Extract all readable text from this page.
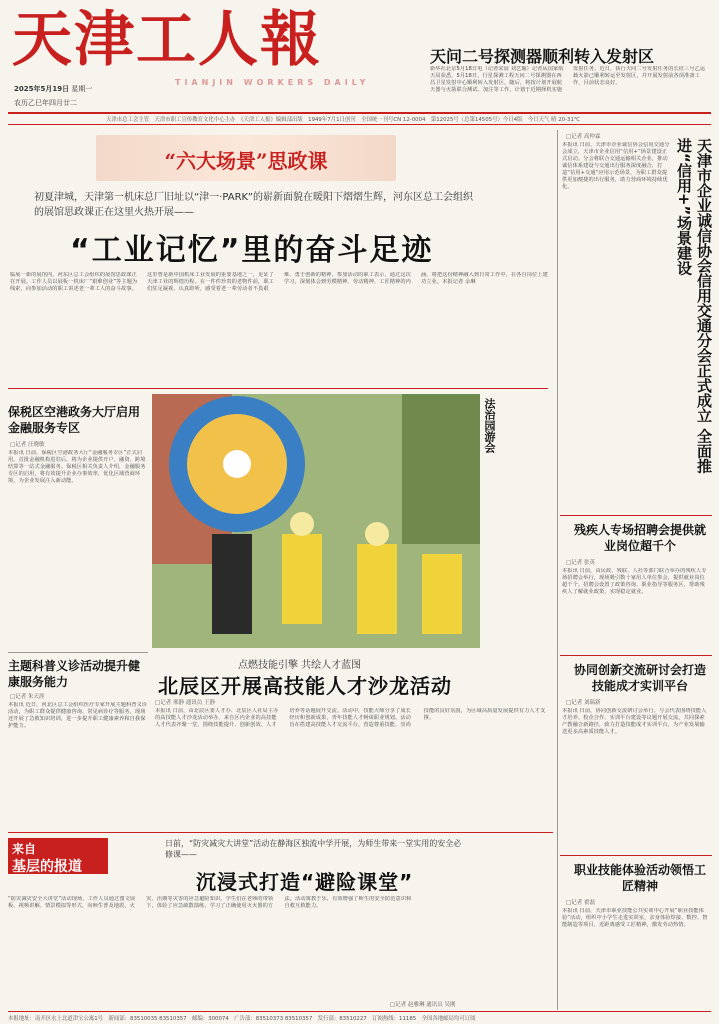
天津工人報
TIANJIN WORKERS DAILY
2025年5月19日 星期一
农历乙巳年四月廿二
天问二号探测器顺利转入发射区
新华社北京5月18日电（记者宋晨 刘艺璇）记者从国家航天局获悉，5月18日，行星探测工程天问二号探测器在西昌卫星发射中心顺利转入发射区，随后，将按计划开展航天器与火箭联合测试、加注等工作，计划于近期择机实施发射任务。近日，执行天问二号发射任务的长征三号乙运载火箭已顺利转运至发射区，并开展发射前各项准备工作，目前状态良好。
天津市总工会主管　天津市职工宣传教育文化中心主办　《天津工人报》编辑部出版　1949年7月1日创刊　全国统一刊号CN 12-0004　第12025号（总第14505号）今日4版　今日天气 晴 20-31℃
“六大场景”思政课
初夏津城，天津第一机床总厂旧址以“津一·PARK”的崭新面貌在暖阳下熠熠生辉，河东区总工会组织的展馆思政课正在这里火热开展——
“工业记忆”里的奋斗足迹
临展一新的展馆内，河东区总工会组织的展馆思政课正在开展。工作人员以展板一机床厂“艰难创业”等主题为线索，向参加活动的职工讲述老一辈工人的奋斗故事。这里曾是新中国机床工业发展的重要基地之一，见证了天津工业的辉煌历程。在一件件珍贵的老物件前，职工们驻足凝视、认真聆听，感受着老一辈劳动者不畏艰难、勇于创新的精神。参加活动的职工表示，通过这次学习，深刻体会到劳模精神、劳动精神、工匠精神的内涵，将把这份精神融入到日常工作中，在各自岗位上建功立业。本报记者 余琳
□记者 高仲霖
本报讯 日前，天津市企业诚信协会信用交通分会成立，天津市企业信用“信用+”场景建设正式启动。分会将联合交通运输相关企业，推动诚信体系建设与交通出行服务深度融合，打造“信用+交通”应用示范场景，为职工群众提供更加便捷的出行服务，助力营商环境持续优化。	天津市企业诚信协会信用交通分会正式成立 全面推进“信用+”场景建设
残疾人专场招聘会提供就业岗位超千个
□记者 张英
本报讯 日前，由民政、残联、人社等部门联合举办的残疾人专场招聘会举行，现场吸引数十家用人单位参会，提供就业岗位超千个。招聘会设置了政策咨询、职业指导等服务区，帮助残疾人了解就业政策，实现稳定就业。
协同创新交流研讨会打造技能成才实训平台
□记者 刘瑞新
本报讯 日前，协同创新交流研讨会举行。与会代表围绕技能人才培养、校企合作、实训平台建设等议题开展交流，共同探索产教融合新路径，致力打造技能成才实训平台，为产业发展输送更多高素质技能人才。
职业技能体验活动领悟工匠精神
□记者 翟磊
本报讯 日前，天津市职业技能公共实训中心开展“职业技能体验”活动，组织中小学生走进实训室，亲身体验焊接、数控、智能制造等项目，近距离感受工匠精神，激发劳动热情。
保税区空港政务大厅启用金融服务专区
□记者 汪晓敏
本报讯 日前，保税区空港政务大厅“金融服务专区”正式启用。首批金融机构进驻后，将为企业提供开户、融资、跨境结算等一站式金融服务。保税区相关负责人介绍，金融服务专区的启用，将有效提升企业办事效率，优化区域营商环境，为企业发展注入新动能。
主题科普义诊活动提升健康服务能力
□记者 朱天涯
本报讯 近日，河北区总工会组织医疗专家开展主题科普义诊活动，为职工群众提供健康咨询、常见病诊疗等服务，现场还开展了急救知识培训，进一步提升职工健康素养和自我保护能力。
法治园游会
点燃技能引擎 共绘人才蓝图
北辰区开展高技能人才沙龙活动
□记者 邢静 通讯员 王静
本报讯 日前，由北辰区委人才办、北辰区人社局主办的高技能人才沙龙活动举办。来自区内企业的高技能人才代表齐聚一堂，围绕技能提升、创新创效、人才培养等话题展开交流。活动中，技能大师分享了成长经历和创新成果，青年技能人才畅谈职业规划。活动旨在搭建高技能人才交流平台，营造尊重技能、崇尚技能的良好氛围，为区域高质量发展提供有力人才支撑。
来自
基层的报道
日前，“防灾减灾大讲堂”活动在静海区独流中学开展，为师生带来一堂实用的安全必修课——
沉浸式打造“避险课堂”
□记者 赵雅琳 通讯员 吴刚
“防灾减灾安全大讲堂”活动现场，工作人员通过图文展板、视频讲解、情景模拟等形式，向师生普及地震、火灾、汛期等灾害的应急避险知识。学生们在老师的带领下，体验了应急疏散演练，学习了正确使用灭火器的方法。活动寓教于乐，有效增强了师生的安全防范意识和自救互救能力。
本报地址：南开区水上北道津宝公寓1号　新闻部：83510035 83510357　邮编：300074　广告部：83510373 83510357　发行部：83510227　订阅热线：11185　全国各地邮局均可订阅
